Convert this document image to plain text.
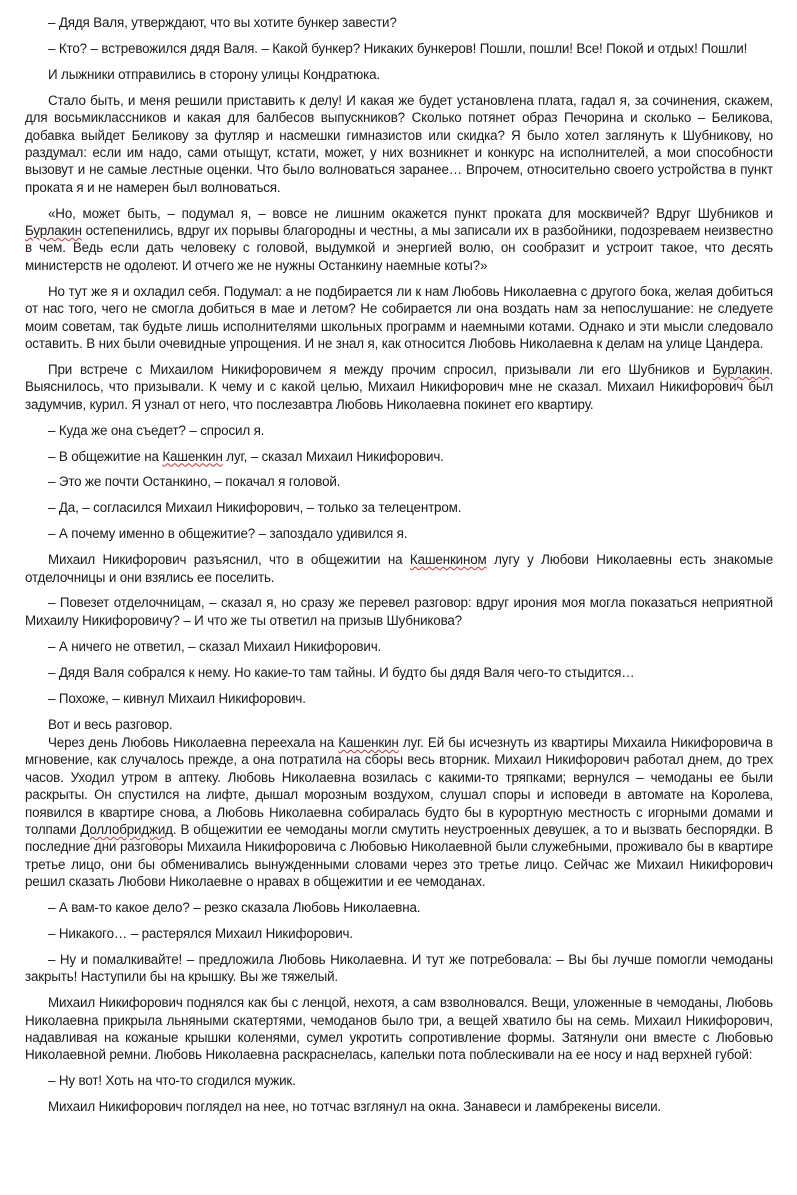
– Дядя Валя, утверждают, что вы хотите бункер завести?

– Кто? – встревожился дядя Валя. – Какой бункер? Никаких бункеров! Пошли, пошли! Все! Покой и отдых! Пошли!

И лыжники отправились в сторону улицы Кондратюка.

Стало быть, и меня решили приставить к делу! И какая же будет установлена плата, гадал я, за сочинения, скажем, для восьмиклассников и какая для балбесов выпускников? Сколько потянет образ Печорина и сколько – Беликова, добавка выйдет Беликову за футляр и насмешки гимназистов или скидка? Я было хотел заглянуть к Шубникову, но раздумал: если им надо, сами отыщут, кстати, может, у них возникнет и конкурс на исполнителей, а мои способности вызовут и не самые лестные оценки. Что было волноваться заранее… Впрочем, относительно своего устройства в пункт проката я и не намерен был волноваться.

«Но, может быть, – подумал я, – вовсе не лишним окажется пункт проката для москвичей? Вдруг Шубников и Бурлакин остепенились, вдруг их порывы благородны и честны, а мы записали их в разбойники, подозреваем неизвестно в чем. Ведь если дать человеку с головой, выдумкой и энергией волю, он сообразит и устроит такое, что десять министерств не одолеют. И отчего же не нужны Останкину наемные коты?»

Но тут же я и охладил себя. Подумал: а не подбирается ли к нам Любовь Николаевна с другого бока, желая добиться от нас того, чего не смогла добиться в мае и летом? Не собирается ли она воздать нам за непослушание: не следуете моим советам, так будьте лишь исполнителями школьных программ и наемными котами. Однако и эти мысли следовало оставить. В них были очевидные упрощения. И не знал я, как относится Любовь Николаевна к делам на улице Цандера.

При встрече с Михаилом Никифоровичем я между прочим спросил, призывали ли его Шубников и Бурлакин. Выяснилось, что призывали. К чему и с какой целью, Михаил Никифорович мне не сказал. Михаил Никифорович был задумчив, курил. Я узнал от него, что послезавтра Любовь Николаевна покинет его квартиру.

– Куда же она съедет? – спросил я.

– В общежитие на Кашенкин луг, – сказал Михаил Никифорович.

– Это же почти Останкино, – покачал я головой.

– Да, – согласился Михаил Никифорович, – только за телецентром.

– А почему именно в общежитие? – запоздало удивился я.

Михаил Никифорович разъяснил, что в общежитии на Кашенкином лугу у Любови Николаевны есть знакомые отделочницы и они взялись ее поселить.

– Повезет отделочницам, – сказал я, но сразу же перевел разговор: вдруг ирония моя могла показаться неприятной Михаилу Никифоровичу? – И что же ты ответил на призыв Шубникова?

– А ничего не ответил, – сказал Михаил Никифорович.

– Дядя Валя собрался к нему. Но какие-то там тайны. И будто бы дядя Валя чего-то стыдится…

– Похоже, – кивнул Михаил Никифорович.

Вот и весь разговор.

Через день Любовь Николаевна переехала на Кашенкин луг. Ей бы исчезнуть из квартиры Михаила Никифоровича в мгновение, как случалось прежде, а она потратила на сборы весь вторник. Михаил Никифорович работал днем, до трех часов. Уходил утром в аптеку. Любовь Николаевна возилась с какими-то тряпками; вернулся – чемоданы ее были раскрыты. Он спустился на лифте, дышал морозным воздухом, слушал споры и исповеди в автомате на Королева, появился в квартире снова, а Любовь Николаевна собиралась будто бы в курортную местность с игорными домами и толпами Доллобриджид. В общежитии ее чемоданы могли смутить неустроенных девушек, а то и вызвать беспорядки. В последние дни разговоры Михаила Никифоровича с Любовью Николаевной были служебными, проживало бы в квартире третье лицо, они бы обменивались вынужденными словами через это третье лицо. Сейчас же Михаил Никифорович решил сказать Любови Николаевне о нравах в общежитии и ее чемоданах.

– А вам-то какое дело? – резко сказала Любовь Николаевна.

– Никакого… – растерялся Михаил Никифорович.

– Ну и помалкивайте! – предложила Любовь Николаевна. И тут же потребовала: – Вы бы лучше помогли чемоданы закрыть! Наступили бы на крышку. Вы же тяжелый.

Михаил Никифорович поднялся как бы с ленцой, нехотя, а сам взволновался. Вещи, уложенные в чемоданы, Любовь Николаевна прикрыла льняными скатертями, чемоданов было три, а вещей хватило бы на семь. Михаил Никифорович, надавливая на кожаные крышки коленями, сумел укротить сопротивление формы. Затянули они вместе с Любовью Николаевной ремни. Любовь Николаевна раскраснелась, капельки пота поблескивали на ее носу и над верхней губой:

– Ну вот! Хоть на что-то сгодился мужик.

Михаил Никифорович поглядел на нее, но тотчас взглянул на окна. Занавеси и ламбрекены висели.
